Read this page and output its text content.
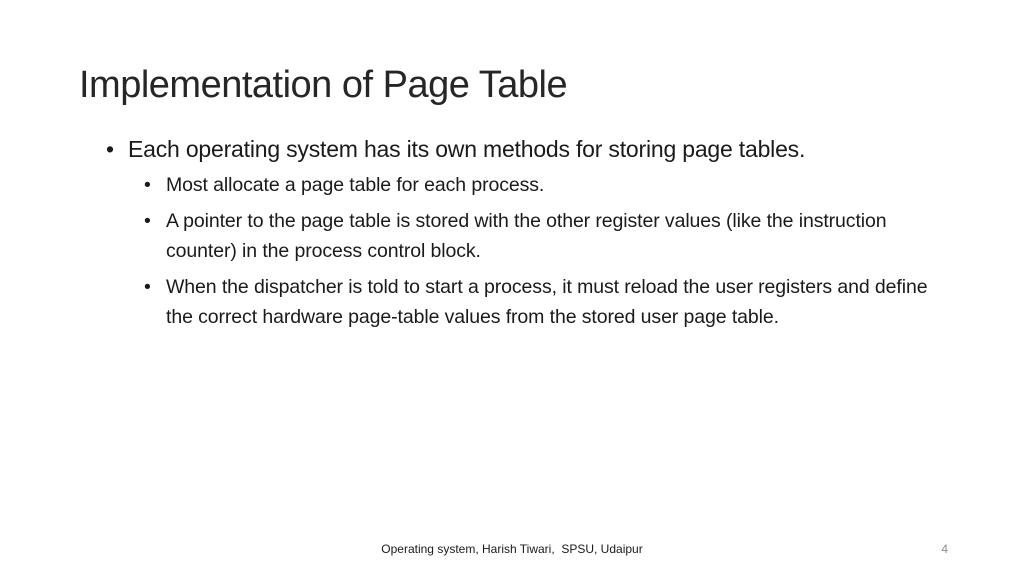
Implementation of Page Table
• Each operating system has its own methods for storing page tables.
• Most allocate a page table for each process.
• A pointer to the page table is stored with the other register values (like the instruction counter) in the process control block.
• When the dispatcher is told to start a process, it must reload the user registers and define the correct hardware page-table values from the stored user page table.
Operating system, Harish Tiwari,  SPSU, Udaipur	4
